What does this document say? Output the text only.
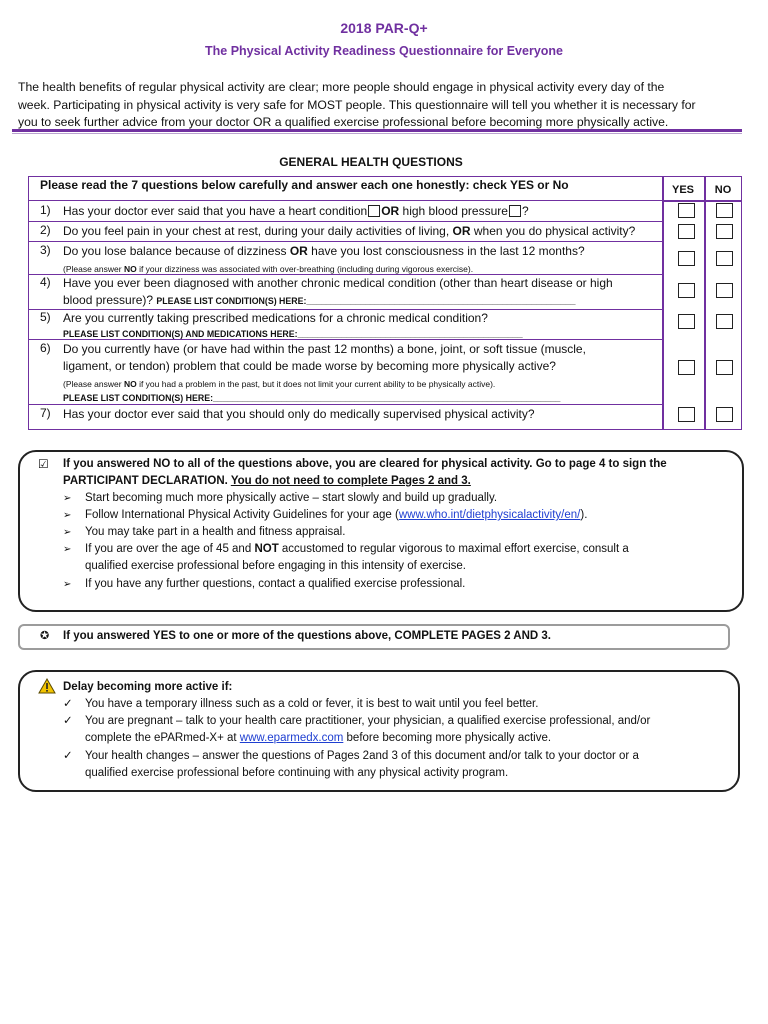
2018 PAR-Q+
The Physical Activity Readiness Questionnaire for Everyone
The health benefits of regular physical activity are clear; more people should engage in physical activity every day of the
week. Participating in physical activity is very safe for MOST people. This questionnaire will tell you whether it is necessary for
you to seek further advice from your doctor OR a qualified exercise professional before becoming more physically active.
GENERAL HEALTH QUESTIONS
Please read the 7 questions below carefully and answer each one honestly: check YES or No	YES	NO
1) Has your doctor ever said that you have a heart condition OR high blood pressure ?
2) Do you feel pain in your chest at rest, during your daily activities of living, OR when you do physical activity?
3) Do you lose balance because of dizziness OR have you lost consciousness in the last 12 months?
(Please answer NO if your dizziness was associated with over-breathing (including during vigorous exercise).
4) Have you ever been diagnosed with another chronic medical condition (other than heart disease or high
blood pressure)? PLEASE LIST CONDITION(S) HERE:_______________________________________________________
5) Are you currently taking prescribed medications for a chronic medical condition?
PLEASE LIST CONDITION(S) AND MEDICATIONS HERE:______________________________________________
6) Do you currently have (or have had within the past 12 months) a bone, joint, or soft tissue (muscle,
ligament, or tendon) problem that could be made worse by becoming more physically active?
(Please answer NO if you had a problem in the past, but it does not limit your current ability to be physically active).
PLEASE LIST CONDITION(S) HERE:_______________________________________________________________________
7) Has your doctor ever said that you should only do medically supervised physical activity?
☑ If you answered NO to all of the questions above, you are cleared for physical activity. Go to page 4 to sign the
PARTICIPANT DECLARATION. You do not need to complete Pages 2 and 3.
➢ Start becoming much more physically active – start slowly and build up gradually.
➢ Follow International Physical Activity Guidelines for your age (www.who.int/dietphysicalactivity/en/).
➢ You may take part in a health and fitness appraisal.
➢ If you are over the age of 45 and NOT accustomed to regular vigorous to maximal effort exercise, consult a
qualified exercise professional before engaging in this intensity of exercise.
➢ If you have any further questions, contact a qualified exercise professional.
✪ If you answered YES to one or more of the questions above, COMPLETE PAGES 2 AND 3.
Delay becoming more active if:
✓ You have a temporary illness such as a cold or fever, it is best to wait until you feel better.
✓ You are pregnant – talk to your health care practitioner, your physician, a qualified exercise professional, and/or
complete the ePARmed-X+ at www.eparmedx.com before becoming more physically active.
✓ Your health changes – answer the questions of Pages 2and 3 of this document and/or talk to your doctor or a
qualified exercise professional before continuing with any physical activity program.
